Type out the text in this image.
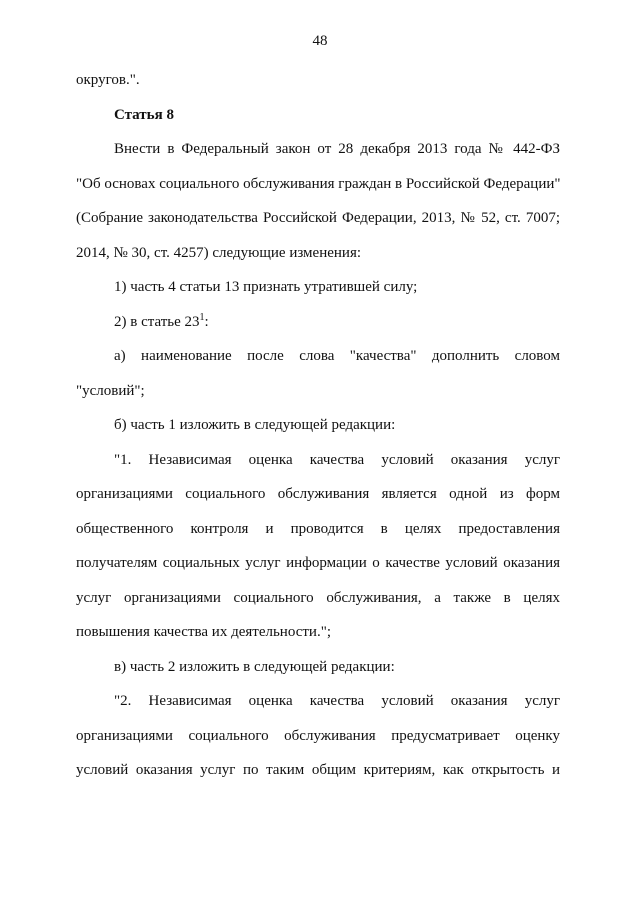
48
округов.".
Статья 8
Внести в Федеральный закон от 28 декабря 2013 года № 442-ФЗ
"Об основах социального обслуживания граждан в Российской Федерации"
(Собрание законодательства Российской Федерации, 2013, № 52, ст. 7007;
2014, № 30, ст. 4257) следующие изменения:
1) часть 4 статьи 13 признать утратившей силу;
2) в статье $23^1$:
а) наименование после слова "качества" дополнить словом
"условий";
б) часть 1 изложить в следующей редакции:
"1. Независимая оценка качества условий оказания услуг
организациями социального обслуживания является одной из форм
общественного контроля и проводится в целях предоставления
получателям социальных услуг информации о качестве условий оказания
услуг организациями социального обслуживания, а также в целях
повышения качества их деятельности.";
в) часть 2 изложить в следующей редакции:
"2. Независимая оценка качества условий оказания услуг
организациями социального обслуживания предусматривает оценку
условий оказания услуг по таким общим критериям, как открытость и
